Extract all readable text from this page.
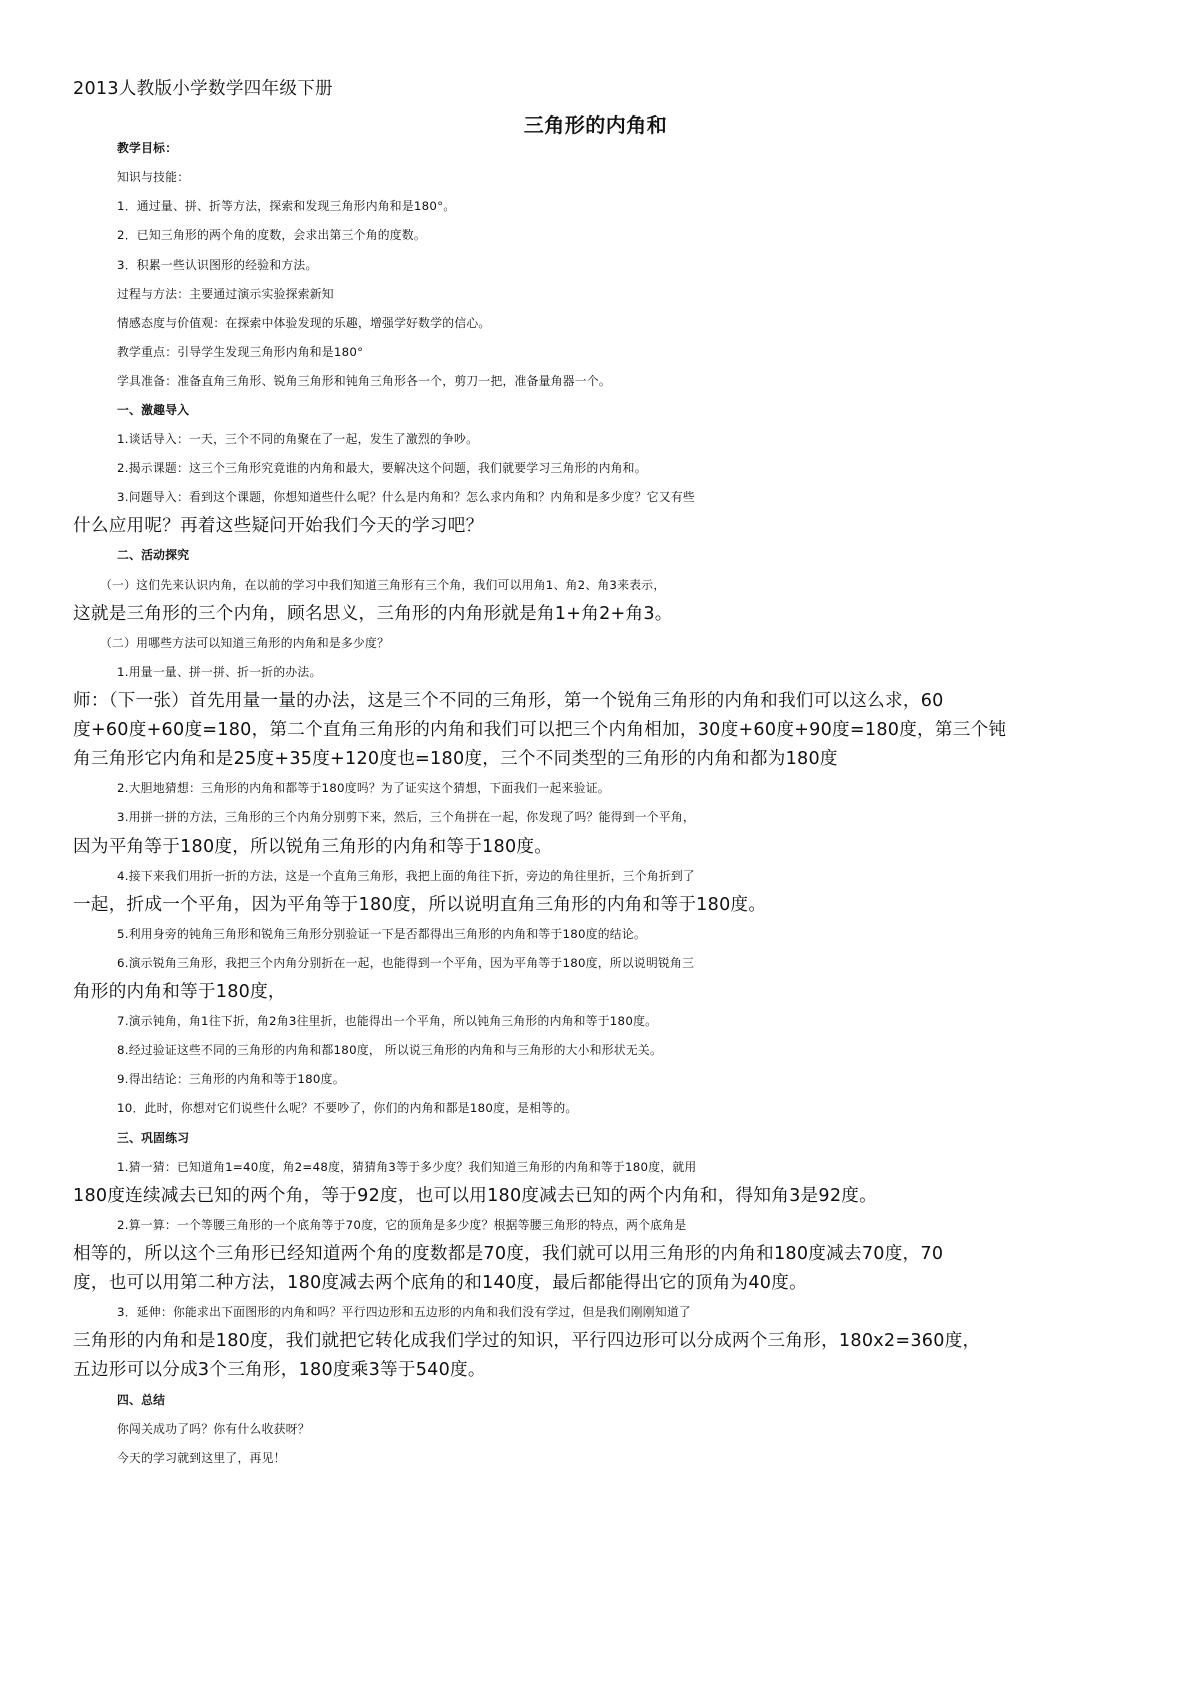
2013人教版小学数学四年级下册
三角形的内角和
教学目标：
知识与技能：
1．通过量、拼、折等方法，探索和发现三角形内角和是180°。
2．已知三角形的两个角的度数，会求出第三个角的度数。
3．积累一些认识图形的经验和方法。
过程与方法：主要通过演示实验探索新知
情感态度与价值观：在探索中体验发现的乐趣，增强学好数学的信心。
教学重点：引导学生发现三角形内角和是180°
学具准备：准备直角三角形、锐角三角形和钝角三角形各一个，剪刀一把，准备量角器一个。
一、激趣导入
1.谈话导入：一天，三个不同的角聚在了一起，发生了激烈的争吵。
2.揭示课题：这三个三角形究竟谁的内角和最大，要解决这个问题，我们就要学习三角形的内角和。
3.问题导入：看到这个课题，你想知道些什么呢？什么是内角和？怎么求内角和？内角和是多少度？它又有些
什么应用呢？再着这些疑问开始我们今天的学习吧？
二、活动探究
（一）这们先来认识内角，在以前的学习中我们知道三角形有三个角，我们可以用角1、角2、角3来表示，
这就是三角形的三个内角，顾名思义，三角形的内角形就是角1+角2+角3。
（二）用哪些方法可以知道三角形的内角和是多少度？
1.用量一量、拼一拼、折一折的办法。
师：（下一张）首先用量一量的办法，这是三个不同的三角形，第一个锐角三角形的内角和我们可以这么求，60
度+60度+60度=180，第二个直角三角形的内角和我们可以把三个内角相加，30度+60度+90度=180度，第三个钝
角三角形它内角和是25度+35度+120度也=180度，三个不同类型的三角形的内角和都为180度
2.大胆地猜想：三角形的内角和都等于180度吗？为了证实这个猜想，下面我们一起来验证。
3.用拼一拼的方法，三角形的三个内角分别剪下来，然后，三个角拼在一起，你发现了吗？能得到一个平角，
因为平角等于180度，所以锐角三角形的内角和等于180度。
4.接下来我们用折一折的方法，这是一个直角三角形，我把上面的角往下折，旁边的角往里折，三个角折到了
一起，折成一个平角，因为平角等于180度，所以说明直角三角形的内角和等于180度。
5.利用身旁的钝角三角形和锐角三角形分别验证一下是否都得出三角形的内角和等于180度的结论。
6.演示锐角三角形，我把三个内角分别折在一起，也能得到一个平角，因为平角等于180度，所以说明锐角三
角形的内角和等于180度，
7.演示钝角，角1往下折，角2角3往里折，也能得出一个平角，所以钝角三角形的内角和等于180度。
8.经过验证这些不同的三角形的内角和都180度， 所以说三角形的内角和与三角形的大小和形状无关。
9.得出结论：三角形的内角和等于180度。
10．此时，你想对它们说些什么呢？不要吵了，你们的内角和都是180度，是相等的。
三、巩固练习
1.猜一猜：已知道角1=40度，角2=48度，猜猜角3等于多少度？我们知道三角形的内角和等于180度，就用
180度连续减去已知的两个角，等于92度，也可以用180度减去已知的两个内角和，得知角3是92度。
2.算一算：一个等腰三角形的一个底角等于70度，它的顶角是多少度？根据等腰三角形的特点，两个底角是
相等的，所以这个三角形已经知道两个角的度数都是70度，我们就可以用三角形的内角和180度减去70度，70
度，也可以用第二种方法，180度减去两个底角的和140度，最后都能得出它的顶角为40度。
3．延伸：你能求出下面图形的内角和吗？平行四边形和五边形的内角和我们没有学过，但是我们刚刚知道了
三角形的内角和是180度，我们就把它转化成我们学过的知识，平行四边形可以分成两个三角形，180x2=360度，
五边形可以分成3个三角形，180度乘3等于540度。
四、总结
你闯关成功了吗？你有什么收获呀？
今天的学习就到这里了，再见！
